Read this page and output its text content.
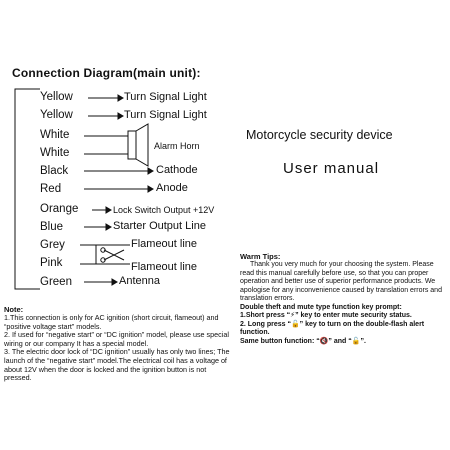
Connection Diagram(main unit):
Yellow
Yellow
White
White
Black
Red
Orange
Blue
Grey
Pink
Green
Turn Signal Light
Turn Signal Light
Alarm Horn
Cathode
Anode
Lock Switch Output +12V
Starter Output Line
Flameout line
Flameout line
Antenna
Note:

1.This connection is only for AC ignition (short circuit, flameout) and “positive voltage start” models.

2. If used for “negative start” or “DC ignition” model, please use special wiring or our company It has a special model.

3. The electric door lock of “DC ignition” usually has only two lines; The launch of the “negative start” model.The electrical coil has a voltage of about 12V when the door is locked and the ignition button is not pressed.

Motorcycle security device
User manual
Warm Tips:

Thank you very much for your choosing the system. Please read this manual carefully before use, so that you can proper operation and better use of superior performance products. We apologise for any inconvenience caused by translation errors and translation errors.

Double theft and mute type function key prompt:

1.Short press “⚡” key to enter mute security status.

2. Long press “🔓” key to turn on the double-flash alert function.

Same button function: “🔇” and “🔓”.
